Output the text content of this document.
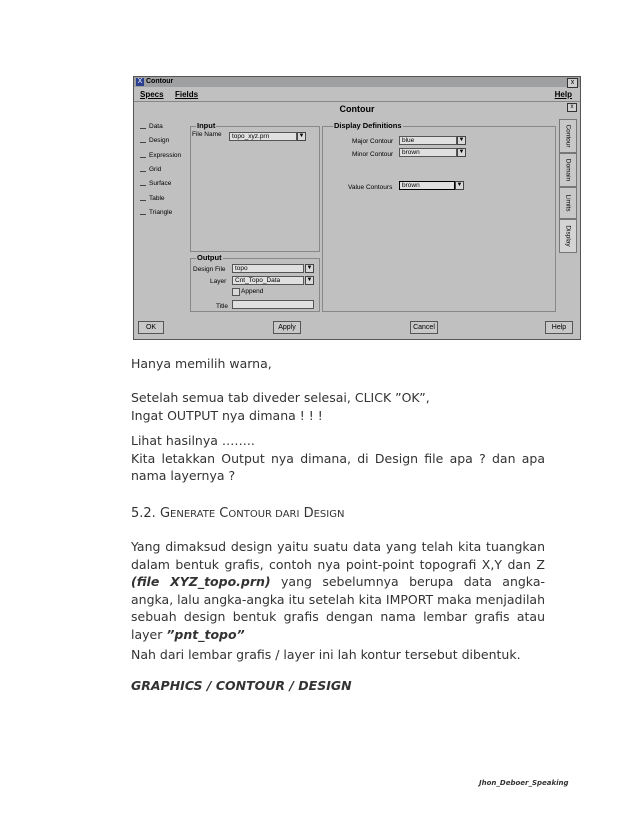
X Contour	x
Specs Fields	Help
Contour	x
Data
Design
Expression
Grid
Surface
Table
Triangle
Input
File Name	topo_xyz.prn	▼
Display Definitions
Major Contour	blue	▼
Minor Contour	brown	▼
Value Contours	brown	▼
Output
Design File	topo	▼
Layer	Cnt_Topo_Data	▼
Append
Title
Contour
Domain
Limits
Display
OK	Apply	Cancel	Help
Hanya memilih warna,
Setelah semua tab diveder selesai, CLICK ”OK”,
Ingat OUTPUT nya dimana ! ! !
Lihat hasilnya ……..
Kita letakkan Output nya dimana, di Design file apa ? dan apa nama layernya ?
5.2. GENERATE CONTOUR DARI DESIGN
Yang dimaksud design yaitu suatu data yang telah kita tuangkan dalam bentuk grafis, contoh nya point-point topografi X,Y dan Z (file XYZ_topo.prn) yang sebelumnya berupa data angka-angka, lalu angka-angka itu setelah kita IMPORT maka menjadilah sebuah design bentuk grafis dengan nama lembar grafis atau layer ”pnt_topo”
Nah dari lembar grafis / layer ini lah kontur tersebut dibentuk.
GRAPHICS / CONTOUR / DESIGN
Jhon_Deboer_Speaking
